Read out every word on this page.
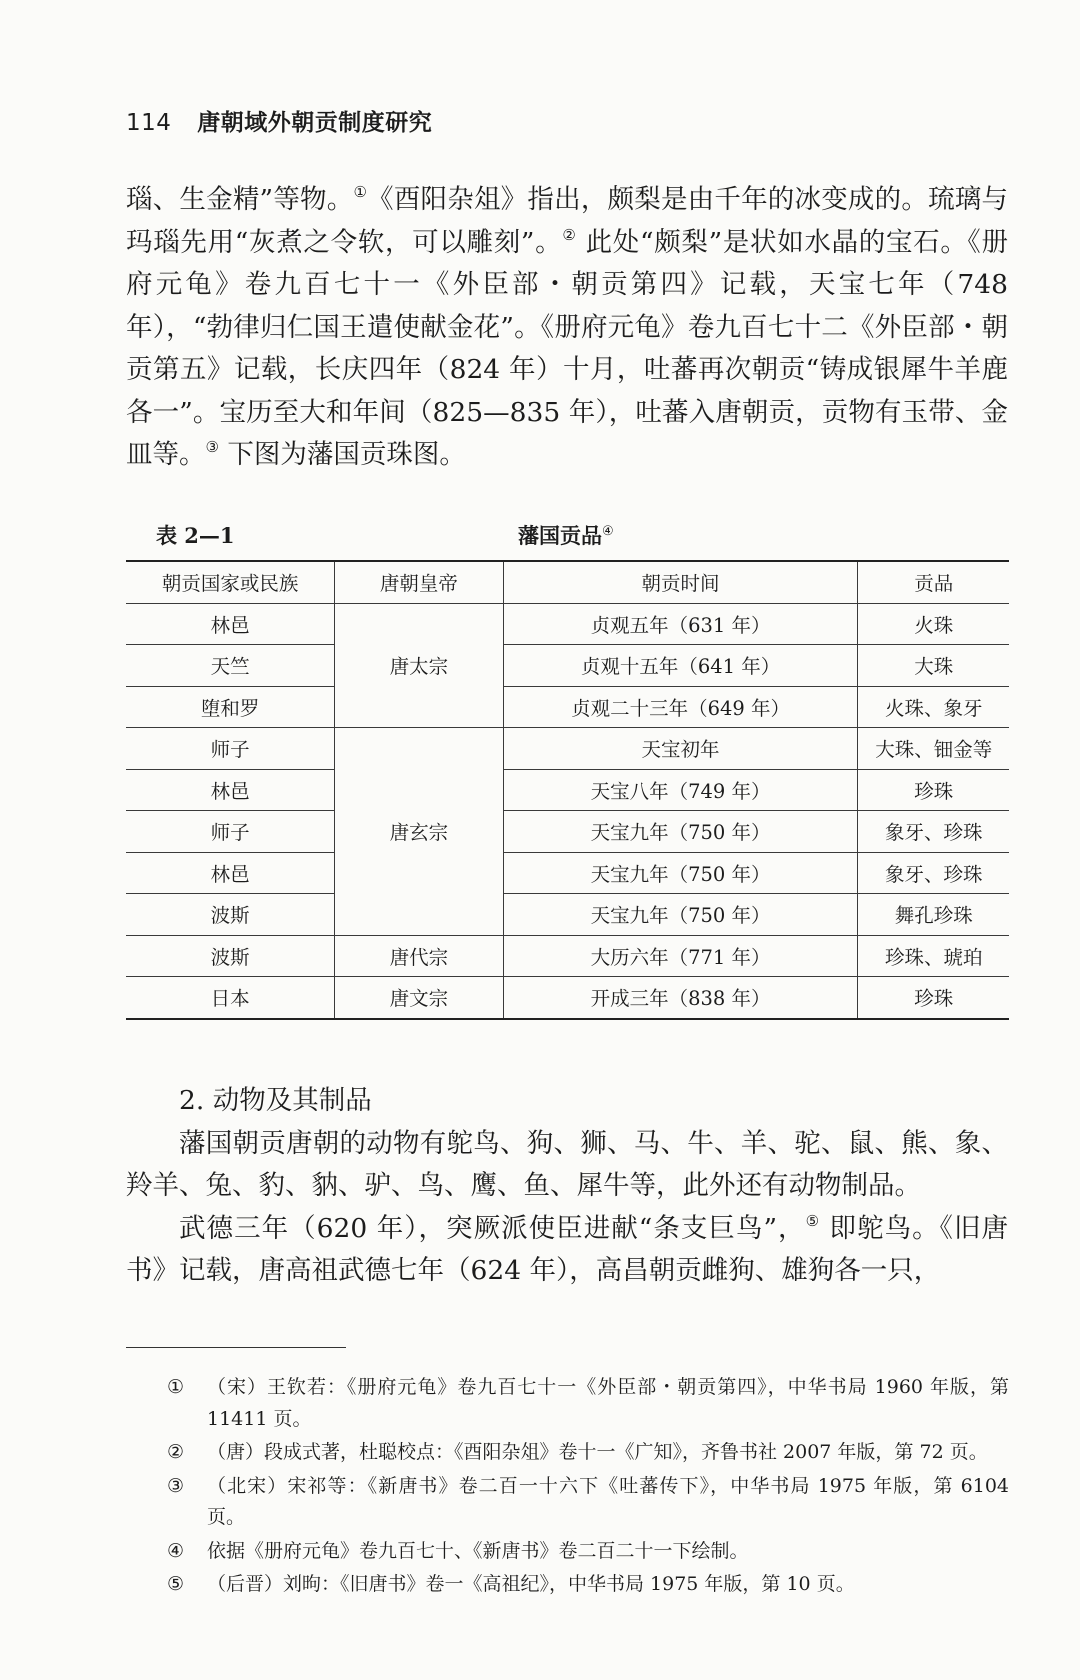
114 唐朝域外朝贡制度研究

瑙、生金精”等物。①《酉阳杂俎》指出，颇梨是由千年的冰变成的。琉璃与玛瑙先用“灰煮之令软，可以雕刻”。② 此处“颇梨”是状如水晶的宝石。《册府元龟》卷九百七十一《外臣部・朝贡第四》记载，天宝七年（748 年），“勃律归仁国王遣使献金花”。《册府元龟》卷九百七十二《外臣部・朝贡第五》记载，长庆四年（824 年）十月，吐蕃再次朝贡“铸成银犀牛羊鹿各一”。宝历至大和年间（825—835 年），吐蕃入唐朝贡，贡物有玉带、金皿等。③ 下图为藩国贡珠图。

表 2—1	藩国贡品④
朝贡国家或民族	唐朝皇帝	朝贡时间	贡品
林邑	唐太宗	贞观五年（631 年）	火珠
天竺		贞观十五年（641 年）	大珠
堕和罗		贞观二十三年（649 年）	火珠、象牙
师子	唐玄宗	天宝初年	大珠、钿金等
林邑		天宝八年（749 年）	珍珠
师子		天宝九年（750 年）	象牙、珍珠
林邑		天宝九年（750 年）	象牙、珍珠
波斯		天宝九年（750 年）	舞孔珍珠
波斯	唐代宗	大历六年（771 年）	珍珠、琥珀
日本	唐文宗	开成三年（838 年）	珍珠

2. 动物及其制品

藩国朝贡唐朝的动物有鸵鸟、狗、狮、马、牛、羊、驼、鼠、熊、象、羚羊、兔、豹、豽、驴、鸟、鹰、鱼、犀牛等，此外还有动物制品。

武德三年（620 年），突厥派使臣进献“条支巨鸟”，⑤ 即鸵鸟。《旧唐书》记载，唐高祖武德七年（624 年），高昌朝贡雌狗、雄狗各一只，

① （宋）王钦若：《册府元龟》卷九百七十一《外臣部・朝贡第四》，中华书局 1960 年版，第 11411 页。
② （唐）段成式著，杜聪校点：《酉阳杂俎》卷十一《广知》，齐鲁书社 2007 年版，第 72 页。
③ （北宋）宋祁等：《新唐书》卷二百一十六下《吐蕃传下》，中华书局 1975 年版，第 6104 页。
④ 依据《册府元龟》卷九百七十、《新唐书》卷二百二十一下绘制。
⑤ （后晋）刘昫：《旧唐书》卷一《高祖纪》，中华书局 1975 年版，第 10 页。
